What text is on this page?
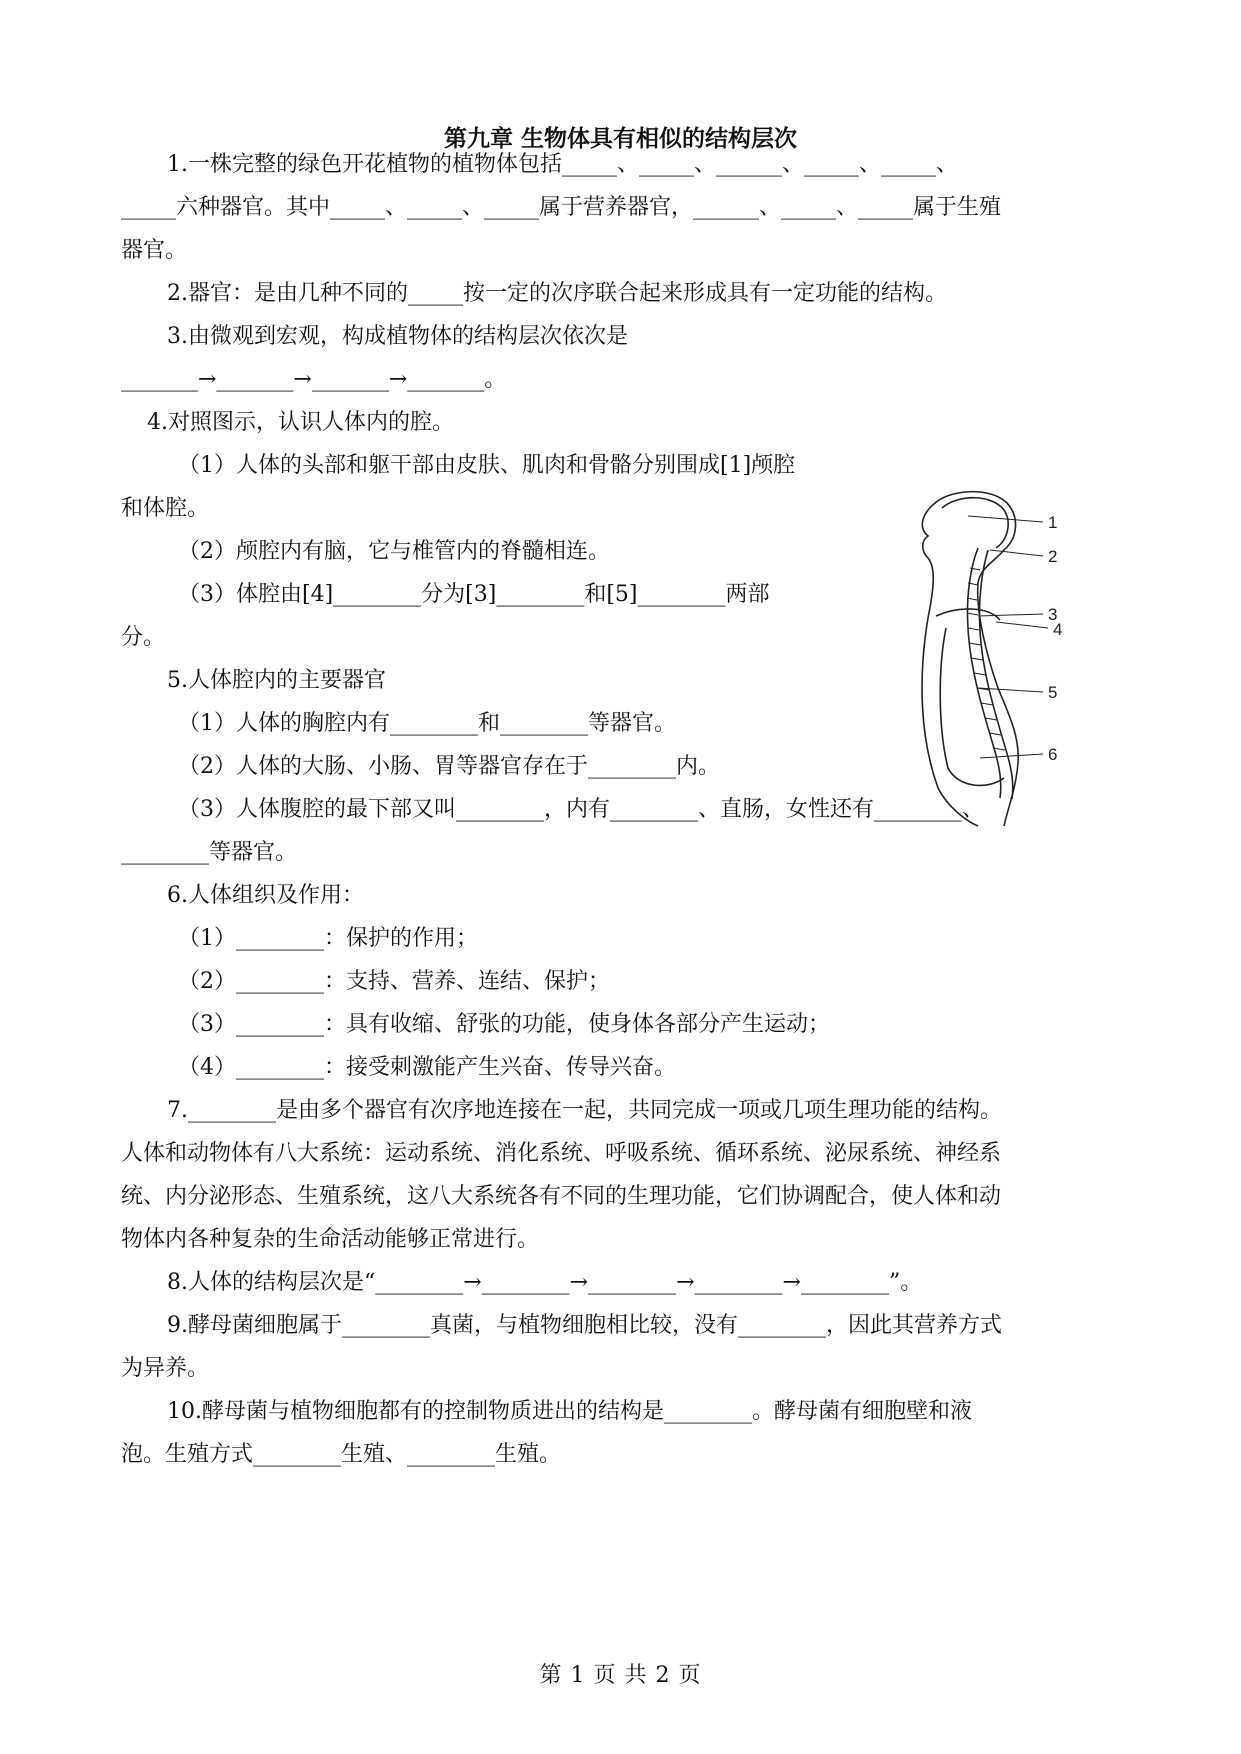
第九章 生物体具有相似的结构层次
1.一株完整的绿色开花植物的植物体包括_____、_____、______、_____、_____、
_____六种器官。其中_____、_____、_____属于营养器官，______、_____、_____属于生殖
器官。
2.器官：是由几种不同的_____按一定的次序联合起来形成具有一定功能的结构。
3.由微观到宏观，构成植物体的结构层次依次是
_______→_______→_______→_______。
4.对照图示，认识人体内的腔。
（1）人体的头部和躯干部由皮肤、肌肉和骨骼分别围成[1]颅腔
和体腔。
（2）颅腔内有脑，它与椎管内的脊髓相连。
（3）体腔由[4]________分为[3]________和[5]________两部
分。
5.人体腔内的主要器官
（1）人体的胸腔内有________和________等器官。
（2）人体的大肠、小肠、胃等器官存在于________内。
（3）人体腹腔的最下部又叫________，内有________、直肠，女性还有________、
________等器官。
6.人体组织及作用：
（1）________：保护的作用；
（2）________：支持、营养、连结、保护；
（3）________：具有收缩、舒张的功能，使身体各部分产生运动；
（4）________：接受刺激能产生兴奋、传导兴奋。
7.________是由多个器官有次序地连接在一起，共同完成一项或几项生理功能的结构。
人体和动物体有八大系统：运动系统、消化系统、呼吸系统、循环系统、泌尿系统、神经系
统、内分泌形态、生殖系统，这八大系统各有不同的生理功能，它们协调配合，使人体和动
物体内各种复杂的生命活动能够正常进行。
8.人体的结构层次是“________→________→________→________→________”。
9.酵母菌细胞属于________真菌，与植物细胞相比较，没有________，因此其营养方式
为异养。
10.酵母菌与植物细胞都有的控制物质进出的结构是________。酵母菌有细胞壁和液
泡。生殖方式________生殖、________生殖。
1
2
3
4
5
6
第 1 页 共 2 页
